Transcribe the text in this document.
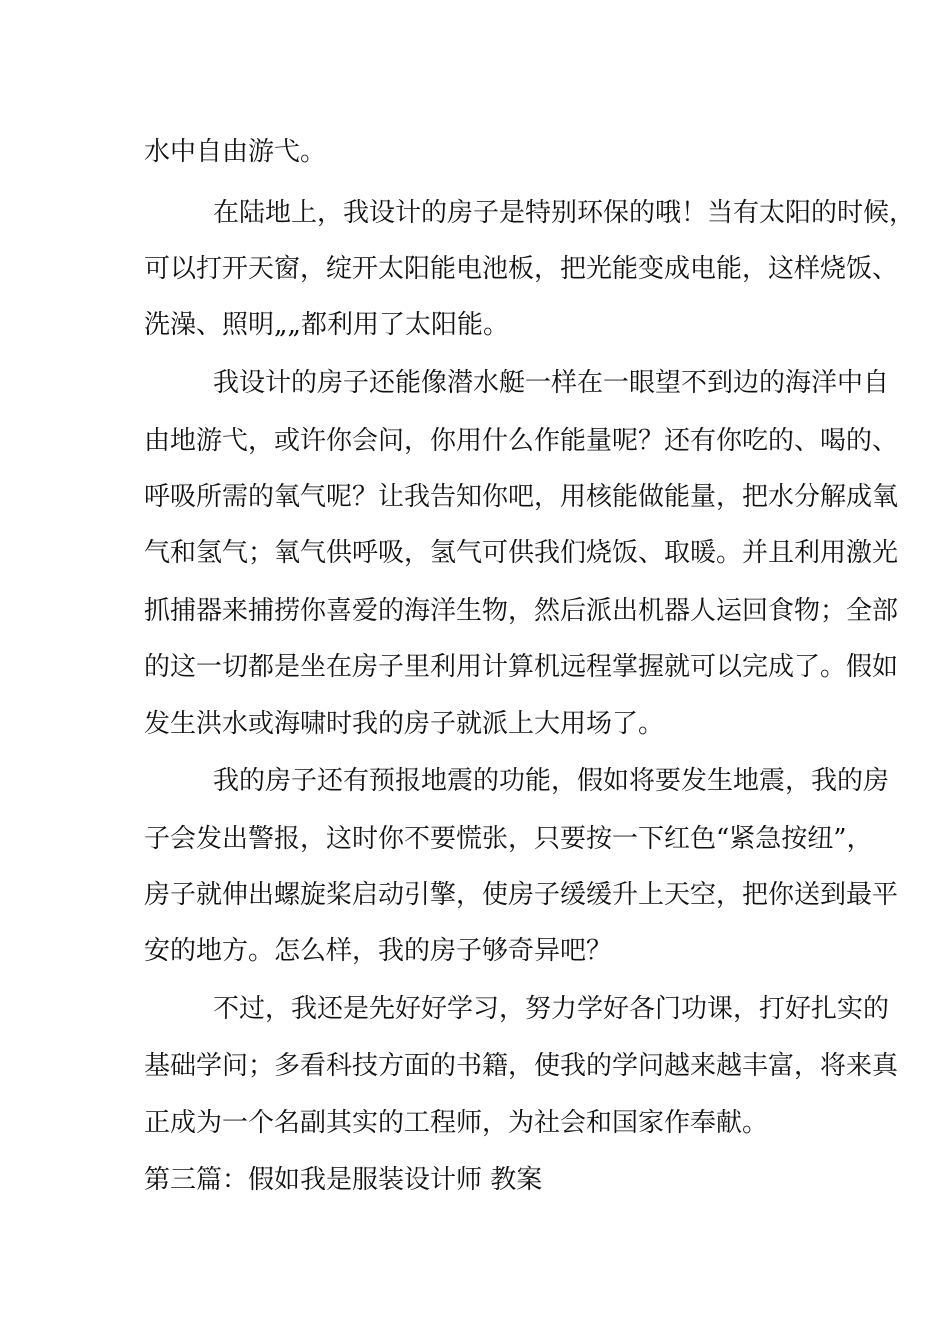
水中自由游弋。
在陆地上，我设计的房子是特别环保的哦！当有太阳的时候，
可以打开天窗，绽开太阳能电池板，把光能变成电能，这样烧饭、
洗澡、照明„„都利用了太阳能。
我设计的房子还能像潜水艇一样在一眼望不到边的海洋中自
由地游弋，或许你会问，你用什么作能量呢？还有你吃的、喝的、
呼吸所需的氧气呢？让我告知你吧，用核能做能量，把水分解成氧
气和氢气；氧气供呼吸，氢气可供我们烧饭、取暖。并且利用激光
抓捕器来捕捞你喜爱的海洋生物，然后派出机器人运回食物；全部
的这一切都是坐在房子里利用计算机远程掌握就可以完成了。假如
发生洪水或海啸时我的房子就派上大用场了。
我的房子还有预报地震的功能，假如将要发生地震，我的房
子会发出警报，这时你不要慌张，只要按一下红色“紧急按纽”，
房子就伸出螺旋桨启动引擎，使房子缓缓升上天空，把你送到最平
安的地方。怎么样，我的房子够奇异吧？
不过，我还是先好好学习，努力学好各门功课，打好扎实的
基础学问；多看科技方面的书籍，使我的学问越来越丰富，将来真
正成为一个名副其实的工程师，为社会和国家作奉献。
第三篇：假如我是服装设计师 教案
